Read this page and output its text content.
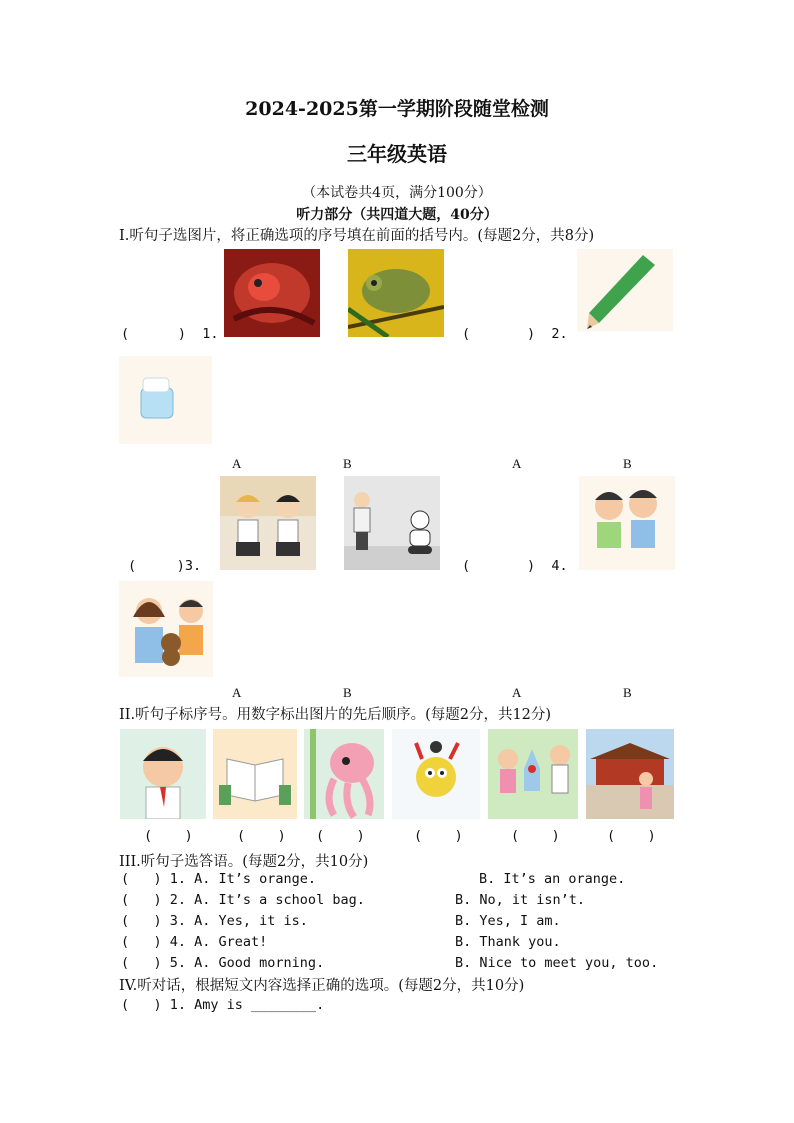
2024-2025第一学期阶段随堂检测
三年级英语
（本试卷共4页，满分100分）
听力部分（共四道大题，40分）
I.听句子选图片，将正确选项的序号填在前面的括号内。(每题2分，共8分)
(      )  1.	(       )  2.
A	B	A	B
(     )3.	(       )  4.
A	B	A	B
II.听句子标序号。用数字标出图片的先后顺序。(每题2分，共12分)
(    )	(    ) (    )	(    )	(    )	(    )
III.听句子选答语。(每题2分，共10分)
(   ) 1. A. It’s orange.	B. It’s an orange.
(   ) 2. A. It’s a school bag.	B. No, it isn’t.
(   ) 3. A. Yes, it is.	B. Yes, I am.
(   ) 4. A. Great!	B. Thank you.
(   ) 5. A. Good morning.	B. Nice to meet you, too.
IV.听对话，根据短文内容选择正确的选项。(每题2分，共10分)
(   ) 1. Amy is ________.
